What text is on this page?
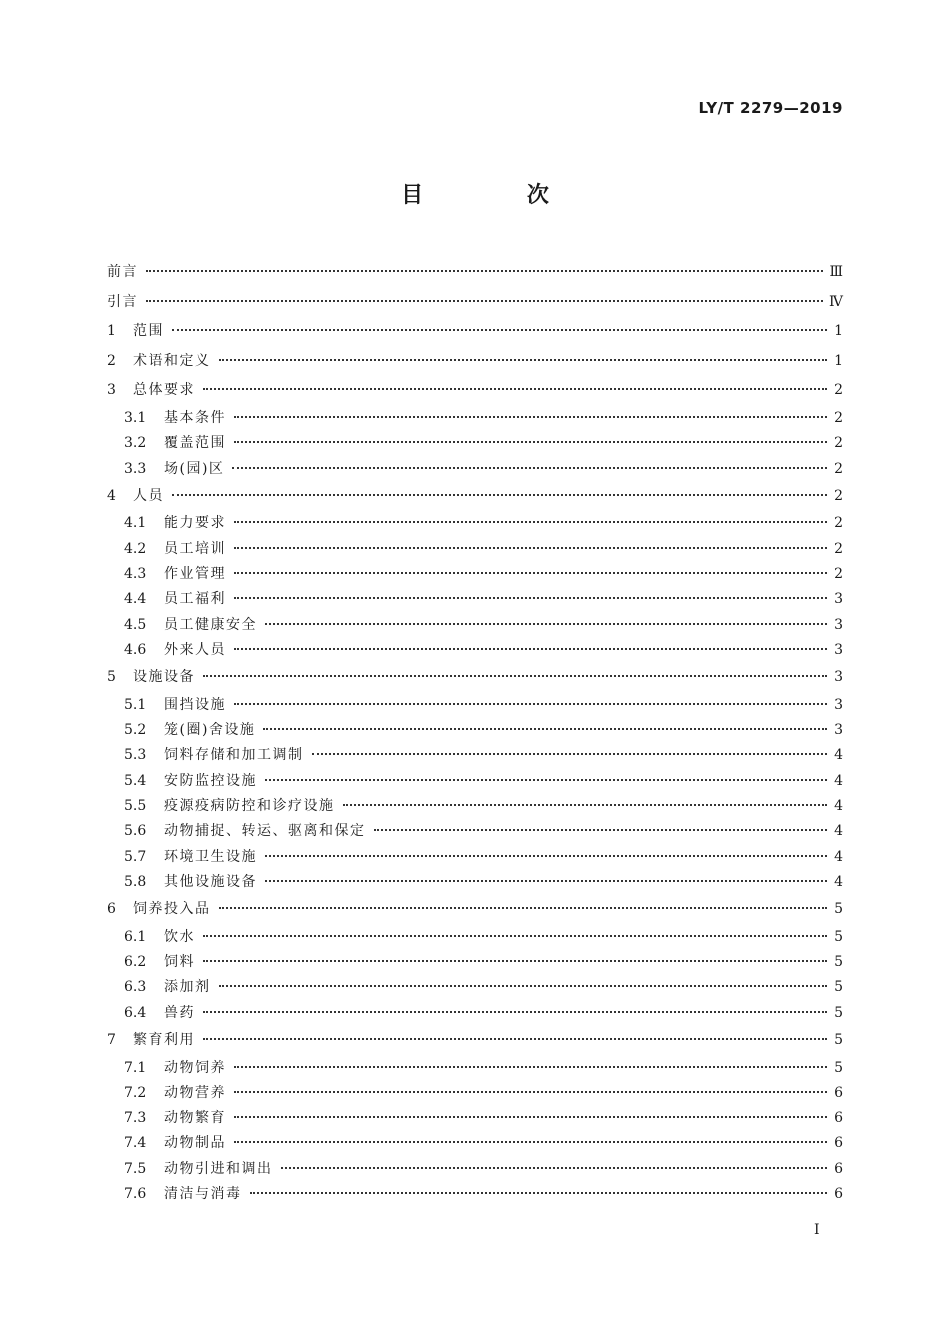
LY/T 2279—2019
目 次
前言	Ⅲ
引言	Ⅳ
1	范围	1
2	术语和定义	1
3	总体要求	2
3.1	基本条件	2
3.2	覆盖范围	2
3.3	场(园)区	2
4	人员	2
4.1	能力要求	2
4.2	员工培训	2
4.3	作业管理	2
4.4	员工福利	3
4.5	员工健康安全	3
4.6	外来人员	3
5	设施设备	3
5.1	围挡设施	3
5.2	笼(圈)舍设施	3
5.3	饲料存储和加工调制	4
5.4	安防监控设施	4
5.5	疫源疫病防控和诊疗设施	4
5.6	动物捕捉、转运、驱离和保定	4
5.7	环境卫生设施	4
5.8	其他设施设备	4
6	饲养投入品	5
6.1	饮水	5
6.2	饲料	5
6.3	添加剂	5
6.4	兽药	5
7	繁育利用	5
7.1	动物饲养	5
7.2	动物营养	6
7.3	动物繁育	6
7.4	动物制品	6
7.5	动物引进和调出	6
7.6	清洁与消毒	6
I
